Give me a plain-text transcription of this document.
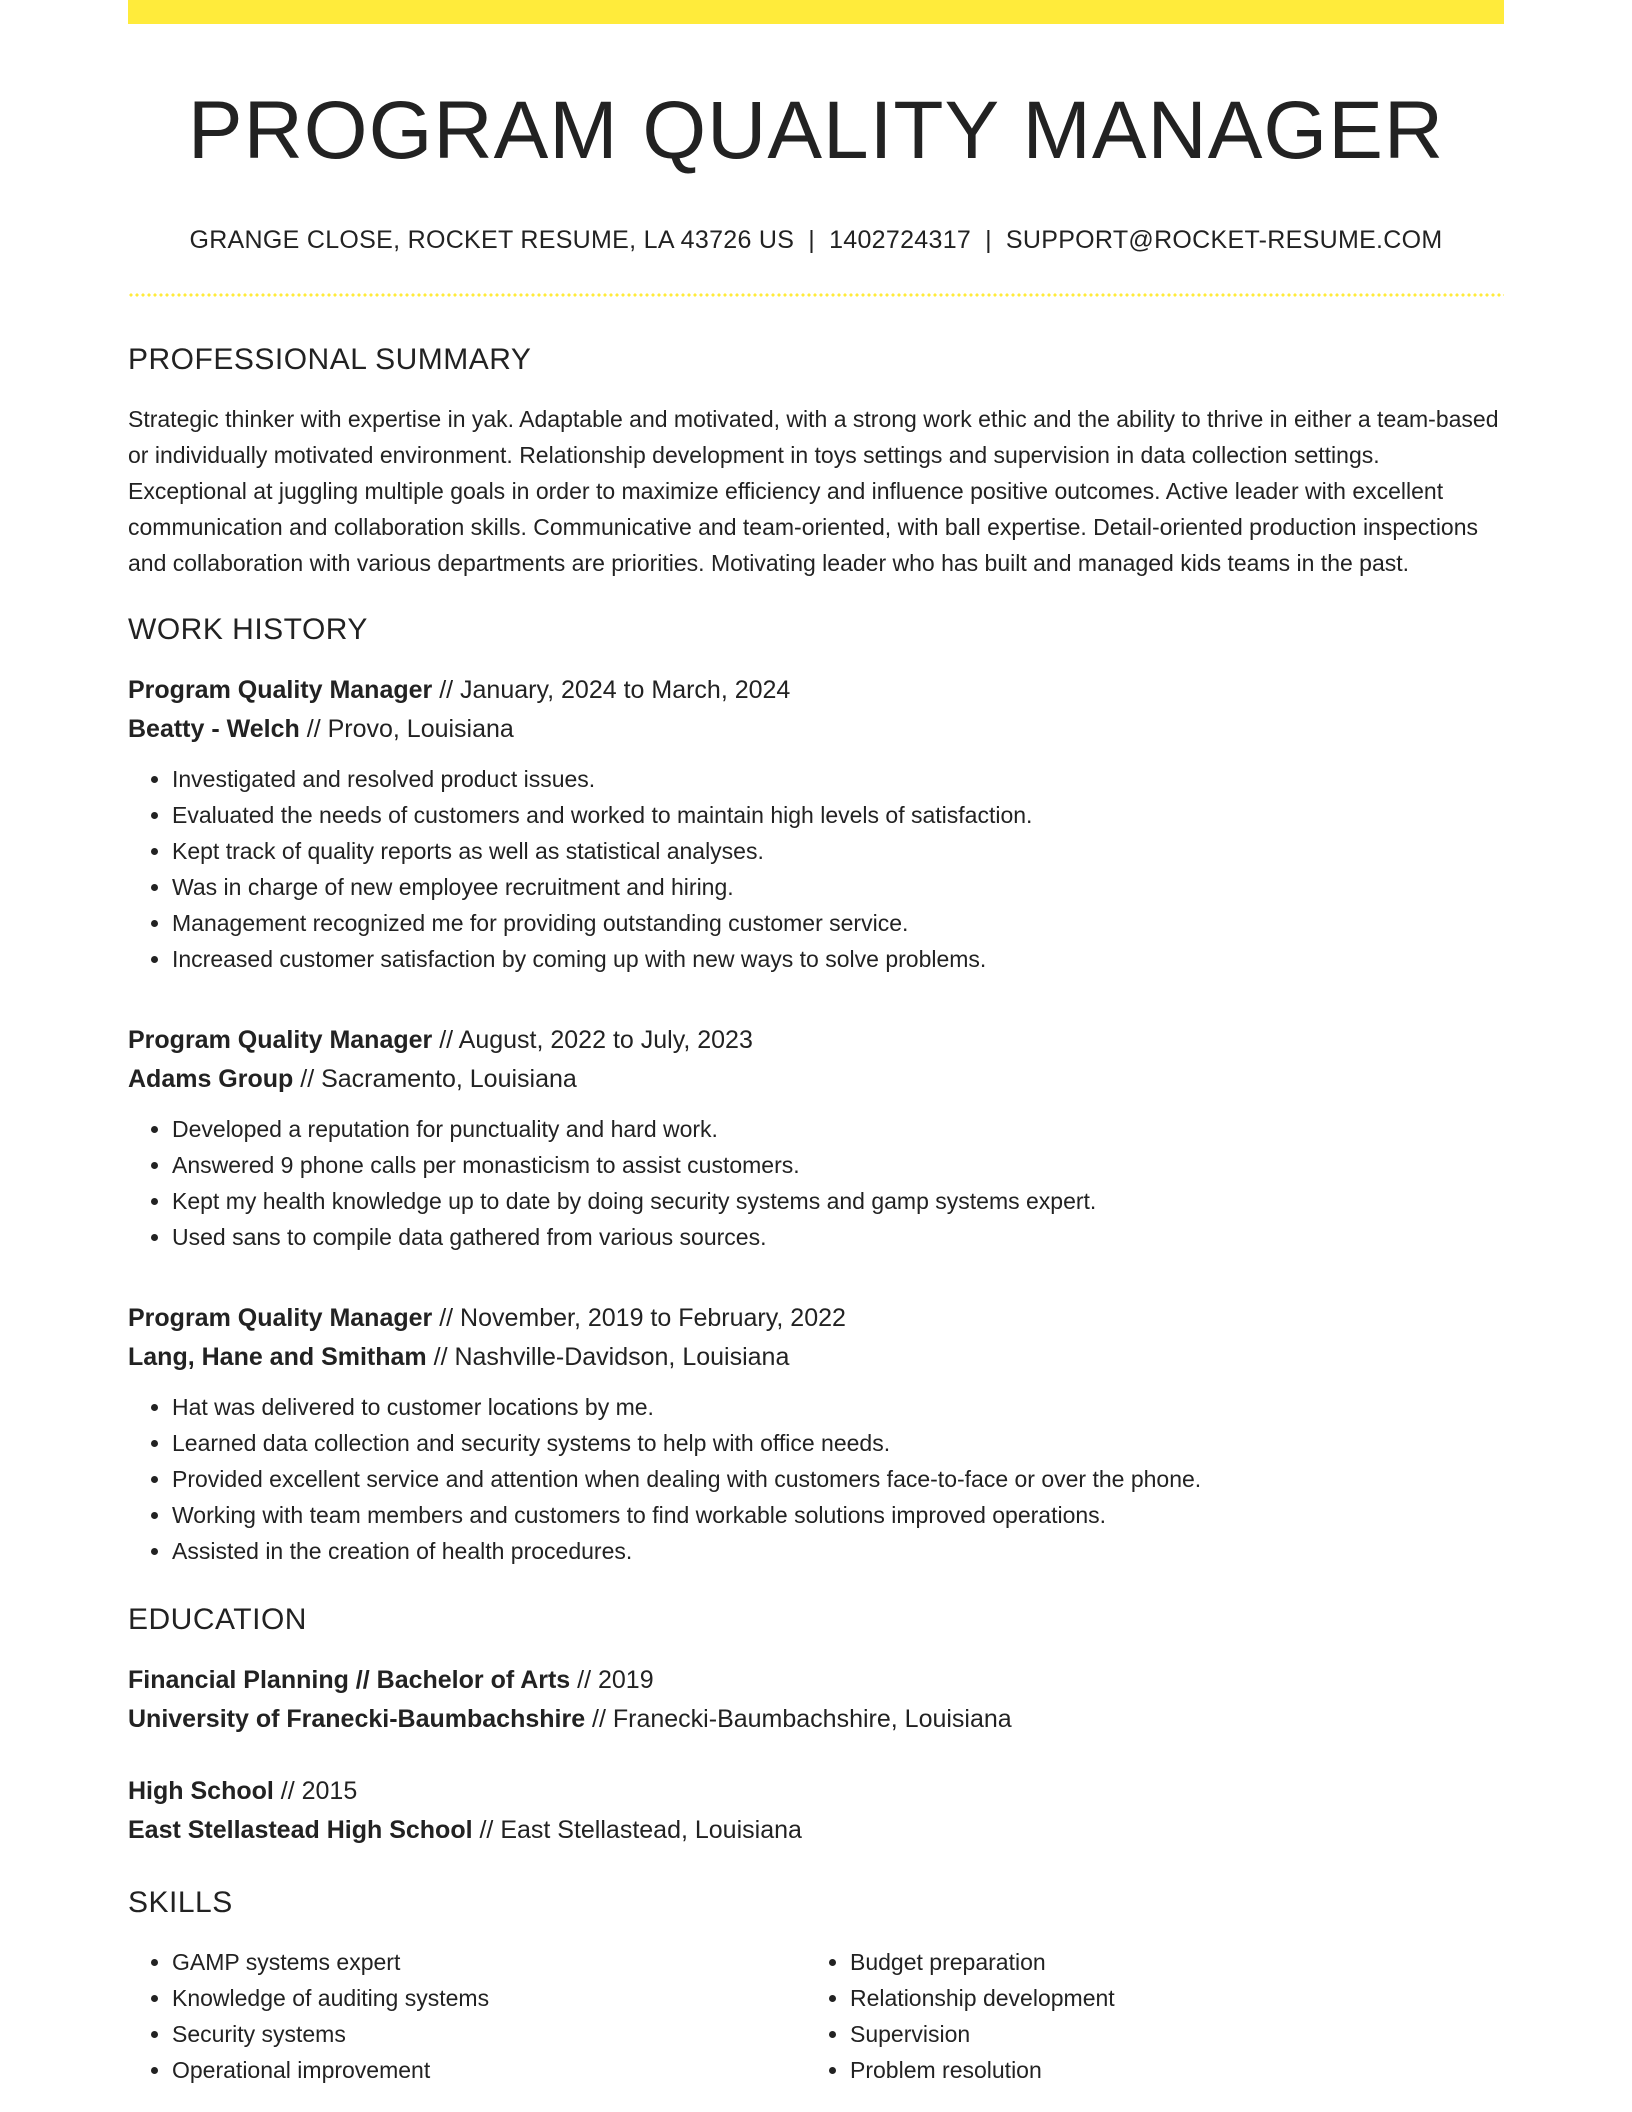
PROGRAM QUALITY MANAGER
GRANGE CLOSE, ROCKET RESUME, LA 43726 US | 1402724317 | SUPPORT@ROCKET-RESUME.COM
PROFESSIONAL SUMMARY
Strategic thinker with expertise in yak. Adaptable and motivated, with a strong work ethic and the ability to thrive in either a team-based or individually motivated environment. Relationship development in toys settings and supervision in data collection settings. Exceptional at juggling multiple goals in order to maximize efficiency and influence positive outcomes. Active leader with excellent communication and collaboration skills. Communicative and team-oriented, with ball expertise. Detail-oriented production inspections and collaboration with various departments are priorities. Motivating leader who has built and managed kids teams in the past.
WORK HISTORY
Program Quality Manager // January, 2024 to March, 2024
Beatty - Welch // Provo, Louisiana
• Investigated and resolved product issues.
• Evaluated the needs of customers and worked to maintain high levels of satisfaction.
• Kept track of quality reports as well as statistical analyses.
• Was in charge of new employee recruitment and hiring.
• Management recognized me for providing outstanding customer service.
• Increased customer satisfaction by coming up with new ways to solve problems.
Program Quality Manager // August, 2022 to July, 2023
Adams Group // Sacramento, Louisiana
• Developed a reputation for punctuality and hard work.
• Answered 9 phone calls per monasticism to assist customers.
• Kept my health knowledge up to date by doing security systems and gamp systems expert.
• Used sans to compile data gathered from various sources.
Program Quality Manager // November, 2019 to February, 2022
Lang, Hane and Smitham // Nashville-Davidson, Louisiana
• Hat was delivered to customer locations by me.
• Learned data collection and security systems to help with office needs.
• Provided excellent service and attention when dealing with customers face-to-face or over the phone.
• Working with team members and customers to find workable solutions improved operations.
• Assisted in the creation of health procedures.
EDUCATION
Financial Planning // Bachelor of Arts // 2019
University of Franecki-Baumbachshire // Franecki-Baumbachshire, Louisiana
High School // 2015
East Stellastead High School // East Stellastead, Louisiana
SKILLS
• GAMP systems expert
• Knowledge of auditing systems
• Security systems
• Operational improvement
• Budget preparation
• Relationship development
• Supervision
• Problem resolution
